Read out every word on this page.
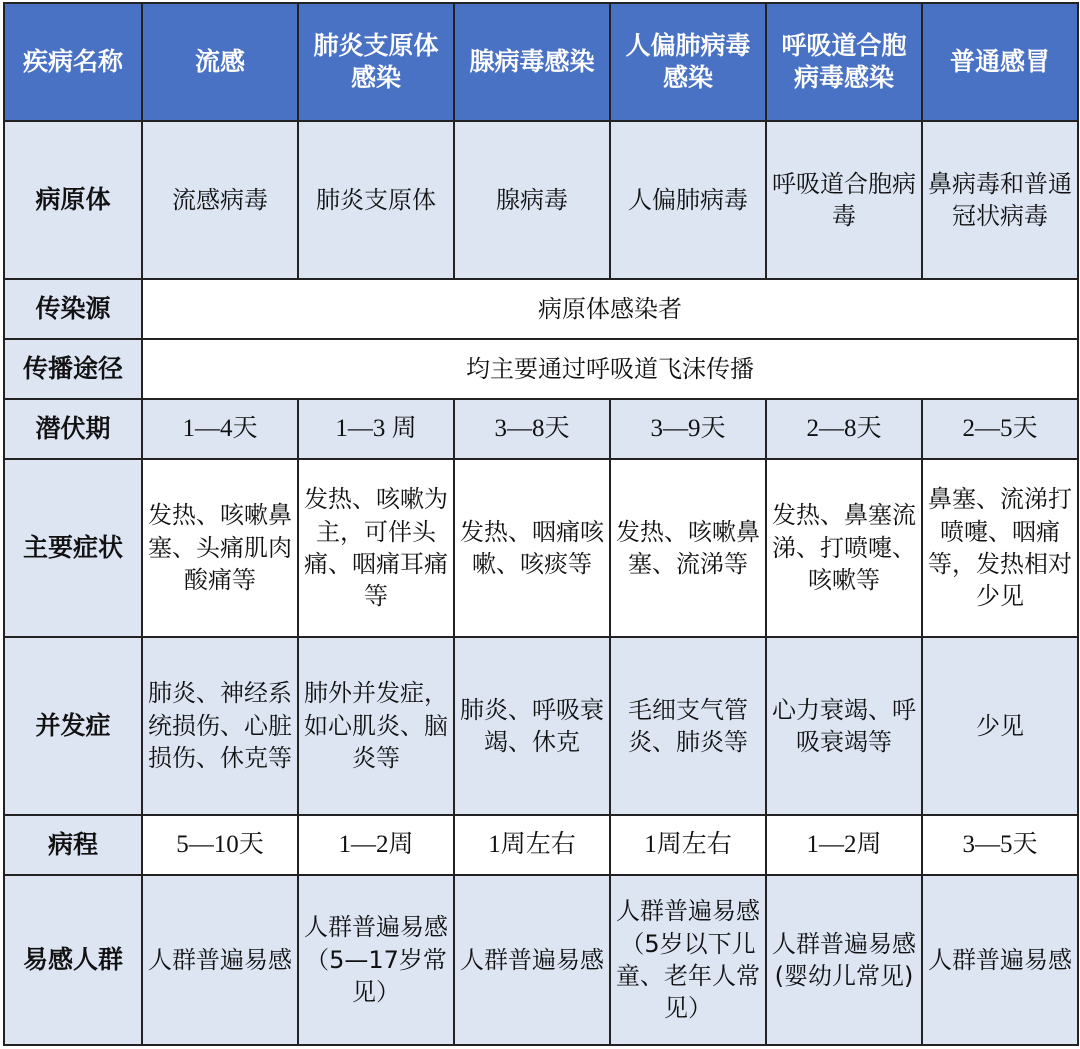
疾病名称	流感	肺炎支原体感染	腺病毒感染	人偏肺病毒感染	呼吸道合胞病毒感染	普通感冒
病原体	流感病毒	肺炎支原体	腺病毒	人偏肺病毒	呼吸道合胞病毒	鼻病毒和普通冠状病毒
传染源	病原体感染者					
传播途径	均主要通过呼吸道飞沫传播					
潜伏期	1—4天	1—3 周	3—8天	3—9天	2—8天	2—5天
主要症状	发热、咳嗽鼻塞、头痛肌肉酸痛等	发热、咳嗽为主，可伴头痛、咽痛耳痛等	发热、咽痛咳嗽、咳痰等	发热、咳嗽鼻塞、流涕等	发热、鼻塞流涕、打喷嚏、咳嗽等	鼻塞、流涕打喷嚏、咽痛等，发热相对少见
并发症	肺炎、神经系统损伤、心脏损伤、休克等	肺外并发症，如心肌炎、脑炎等	肺炎、呼吸衰竭、休克	毛细支气管炎、肺炎等	心力衰竭、呼吸衰竭等	少见
病程	5—10天	1—2周	1周左右	1周左右	1—2周	3—5天
易感人群	人群普遍易感	人群普遍易感（5—17岁常见）	人群普遍易感	人群普遍易感（5岁以下儿童、老年人常见）	人群普遍易感(婴幼儿常见)	人群普遍易感
